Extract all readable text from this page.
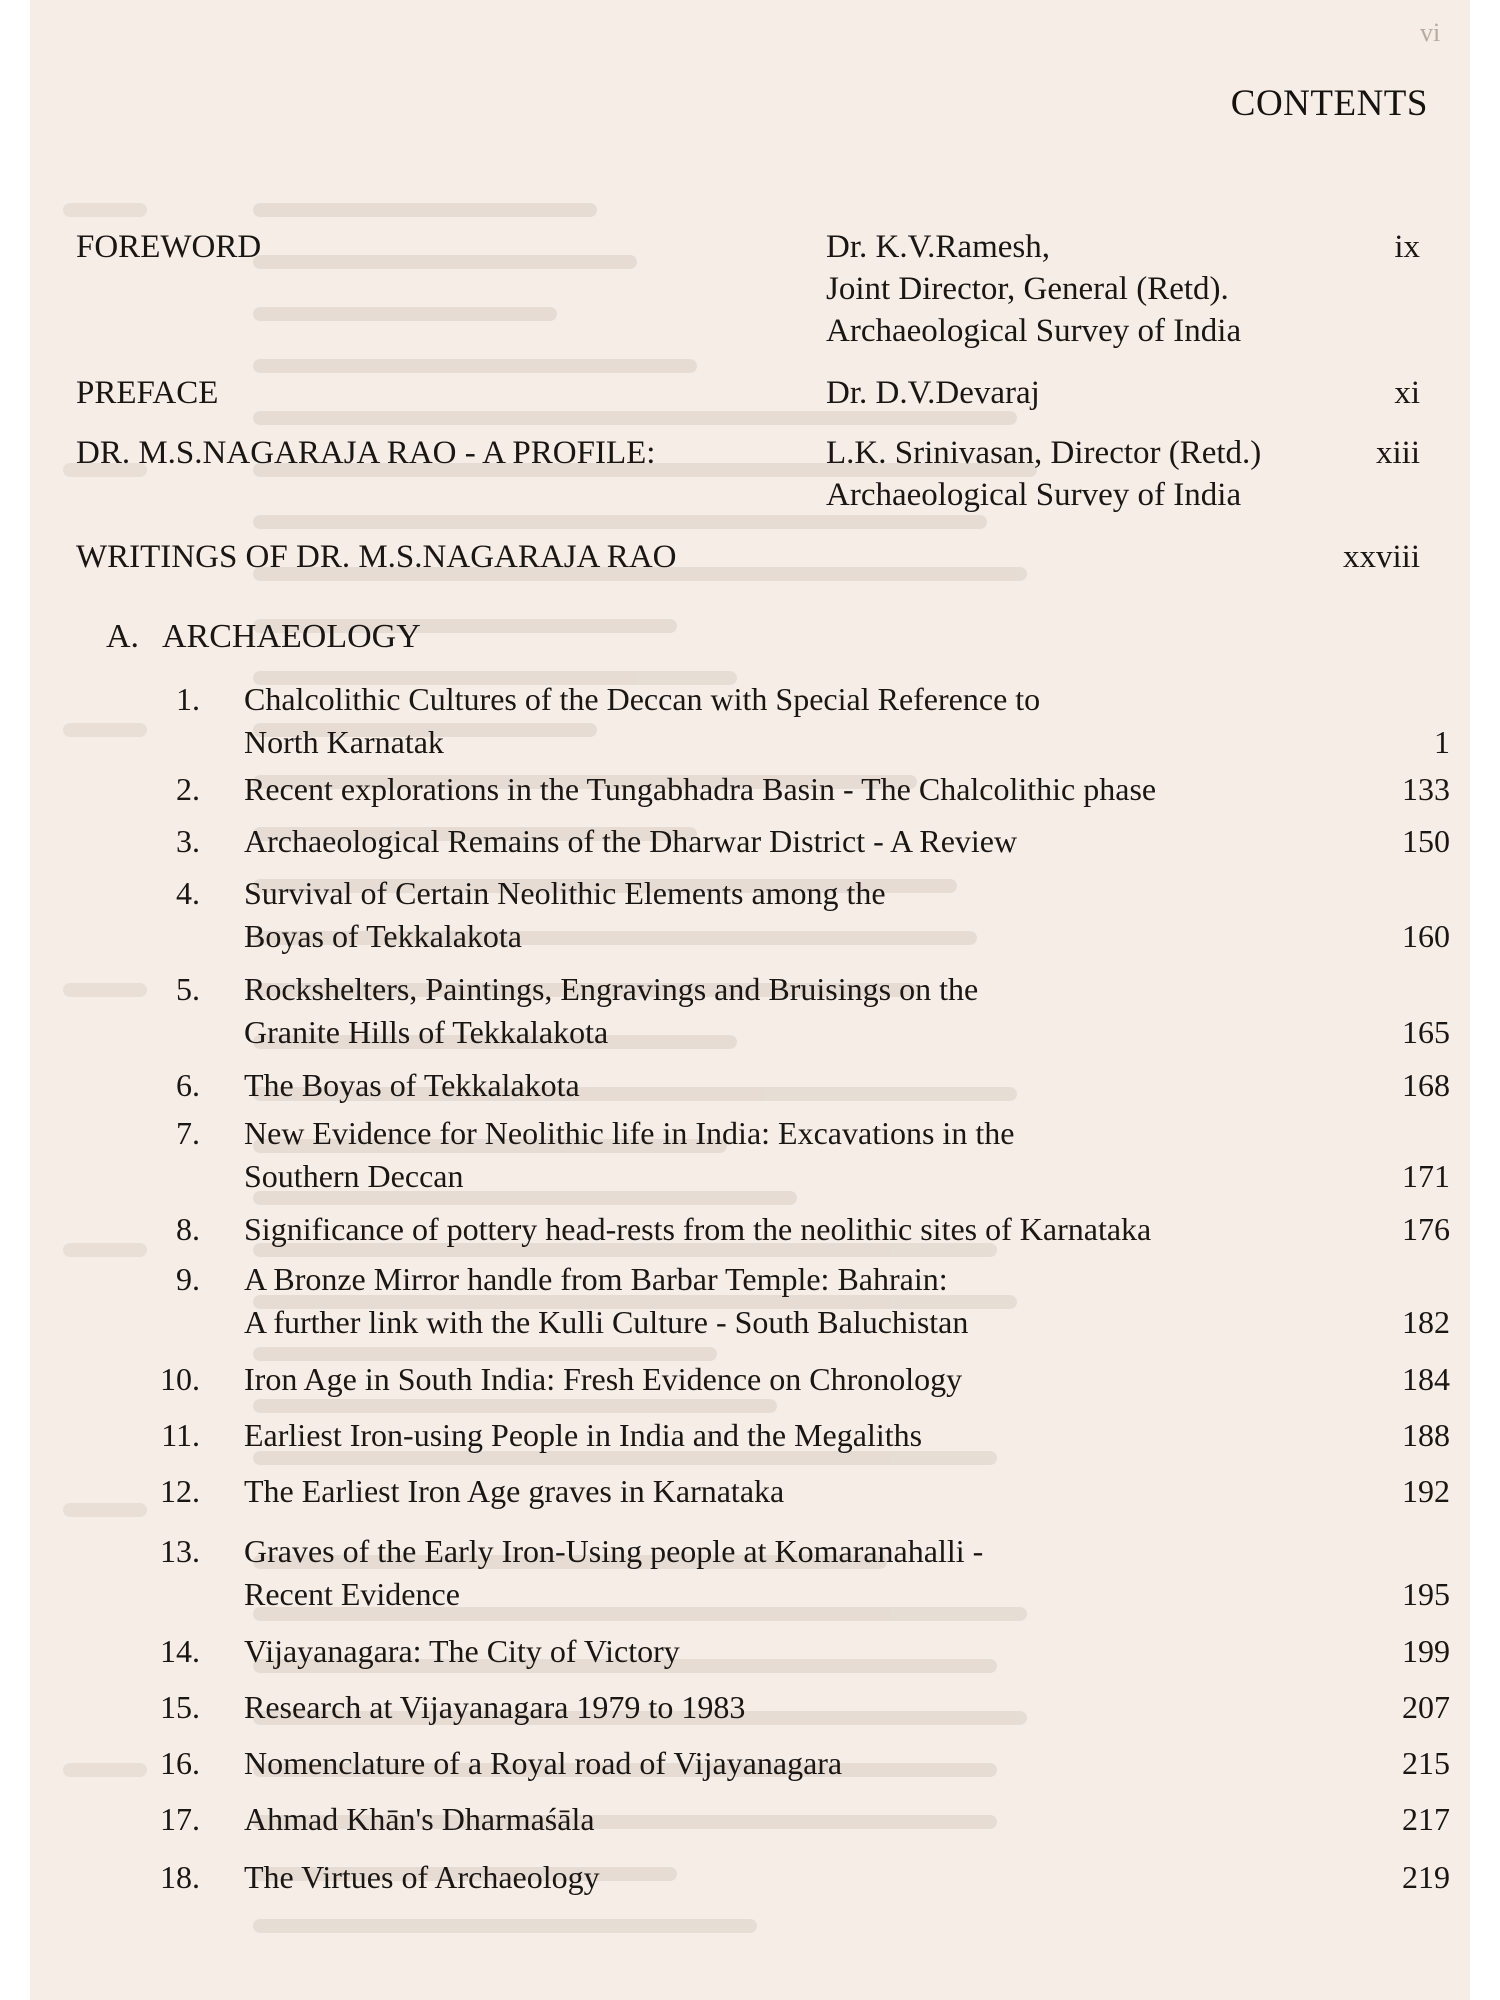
vi
CONTENTS
FOREWORD	Dr. K.V.Ramesh,
Joint Director, General (Retd).
Archaeological Survey of India
ix
PREFACE	Dr. D.V.Devaraj	xi
DR. M.S.NAGARAJA RAO - A PROFILE:	L.K. Srinivasan, Director (Retd.)
Archaeological Survey of India
xiii
WRITINGS OF DR. M.S.NAGARAJA RAO	xxviii
A. ARCHAEOLOGY
1. Chalcolithic Cultures of the Deccan with Special Reference to
North Karnatak	1
2. Recent explorations in the Tungabhadra Basin - The Chalcolithic phase	133
3. Archaeological Remains of the Dharwar District - A Review	150
4. Survival of Certain Neolithic Elements among the
Boyas of Tekkalakota	160
5. Rockshelters, Paintings, Engravings and Bruisings on the
Granite Hills of Tekkalakota	165
6. The Boyas of Tekkalakota	168
7. New Evidence for Neolithic life in India: Excavations in the
Southern Deccan	171
8. Significance of pottery head-rests from the neolithic sites of Karnataka	176
9. A Bronze Mirror handle from Barbar Temple: Bahrain:
A further link with the Kulli Culture - South Baluchistan	182
10. Iron Age in South India: Fresh Evidence on Chronology	184
11. Earliest Iron-using People in India and the Megaliths	188
12. The Earliest Iron Age graves in Karnataka	192
13. Graves of the Early Iron-Using people at Komaranahalli -
Recent Evidence	195
14. Vijayanagara: The City of Victory	199
15. Research at Vijayanagara 1979 to 1983	207
16. Nomenclature of a Royal road of Vijayanagara	215
17. Ahmad Khān's Dharmaśāla	217
18. The Virtues of Archaeology	219
